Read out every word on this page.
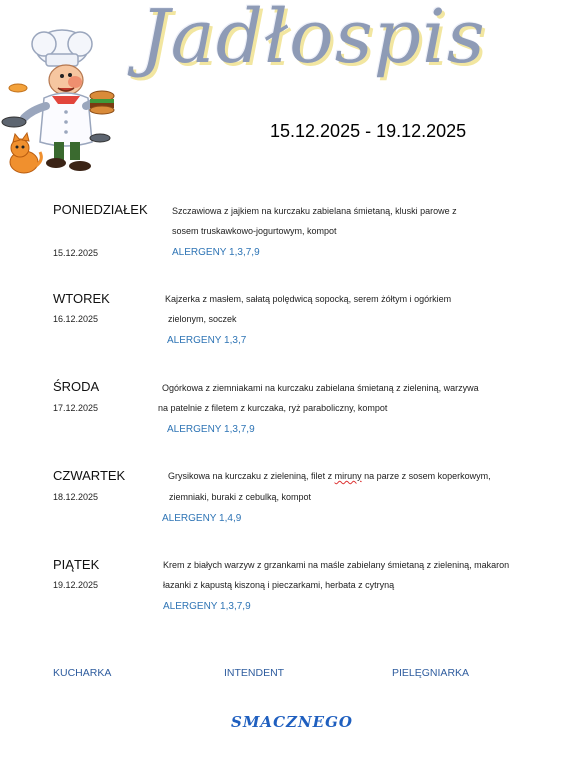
Jadłospis
15.12.2025 - 19.12.2025
PONIEDZIAŁEK	Szczawiowa z jajkiem na kurczaku zabielana śmietaną, kluski parowe z
sosem truskawkowo-jogurtowym, kompot
15.12.2025	ALERGENY 1,3,7,9
WTOREK	Kajzerka z masłem, sałatą polędwicą sopocką, serem żółtym i ogórkiem
16.12.2025	zielonym, soczek
ALERGENY 1,3,7
ŚRODA	Ogórkowa z ziemniakami na kurczaku zabielana śmietaną z zieleniną, warzywa
17.12.2025	na patelnie z filetem z kurczaka, ryż paraboliczny, kompot
ALERGENY 1,3,7,9
CZWARTEK	Grysikowa na kurczaku z zieleniną, filet z miruny na parze z sosem koperkowym,
18.12.2025	ziemniaki, buraki z cebulką, kompot
ALERGENY 1,4,9
PIĄTEK	Krem z białych warzyw z grzankami na maśle zabielany śmietaną z zieleniną, makaron
19.12.2025	łazanki z kapustą kiszoną i pieczarkami, herbata z cytryną
ALERGENY 1,3,7,9
KUCHARKA	INTENDENT	PIELĘGNIARKA
SMACZNEGO
